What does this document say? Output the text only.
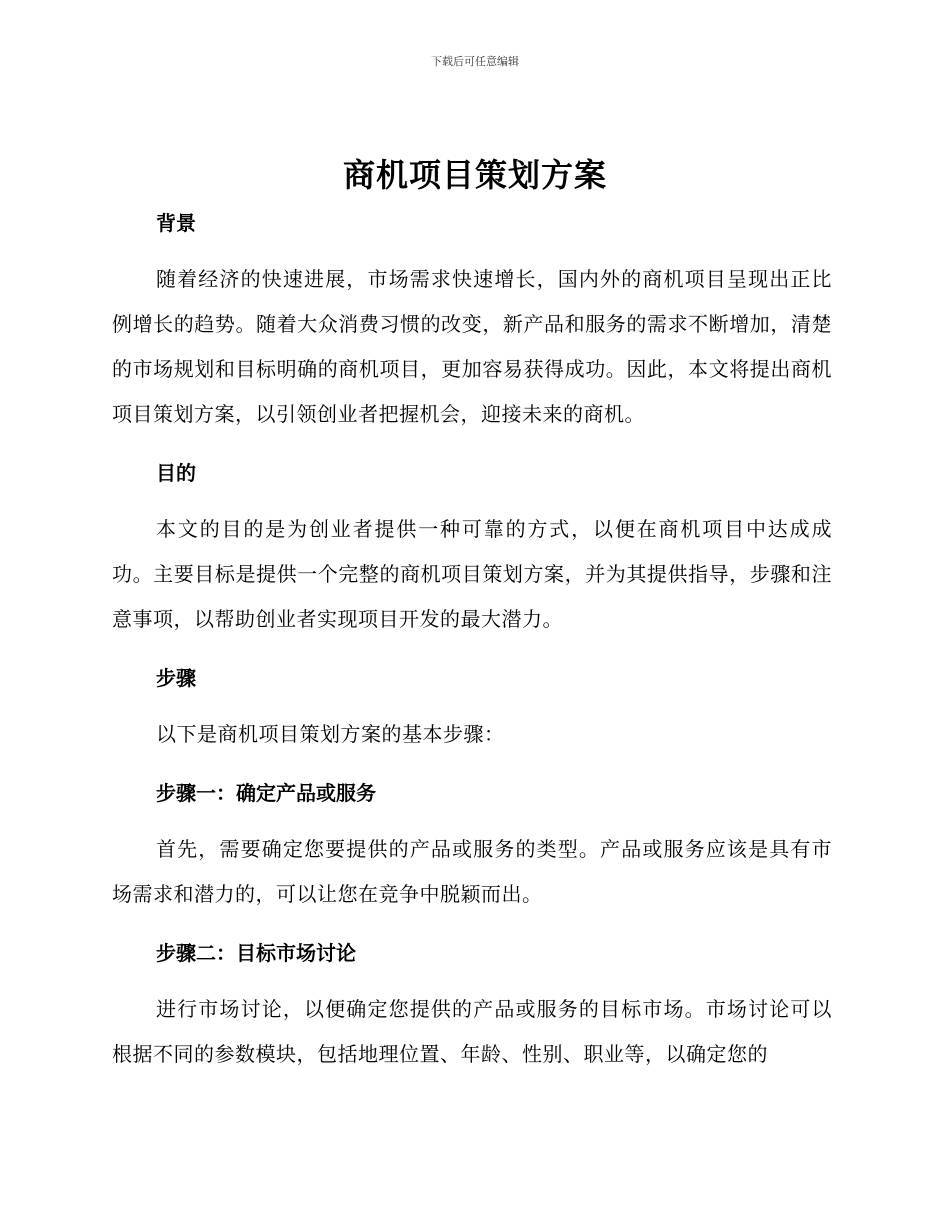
下载后可任意编辑
商机项目策划方案
背景

随着经济的快速进展，市场需求快速增长，国内外的商机项目呈现出正比例增长的趋势。随着大众消费习惯的改变，新产品和服务的需求不断增加，清楚的市场规划和目标明确的商机项目，更加容易获得成功。因此，本文将提出商机项目策划方案，以引领创业者把握机会，迎接未来的商机。

目的

本文的目的是为创业者提供一种可靠的方式，以便在商机项目中达成成功。主要目标是提供一个完整的商机项目策划方案，并为其提供指导，步骤和注意事项，以帮助创业者实现项目开发的最大潜力。

步骤

以下是商机项目策划方案的基本步骤：

步骤一：确定产品或服务

首先，需要确定您要提供的产品或服务的类型。产品或服务应该是具有市场需求和潜力的，可以让您在竞争中脱颖而出。

步骤二：目标市场讨论

进行市场讨论，以便确定您提供的产品或服务的目标市场。市场讨论可以根据不同的参数模块，包括地理位置、年龄、性别、职业等，以确定您的
